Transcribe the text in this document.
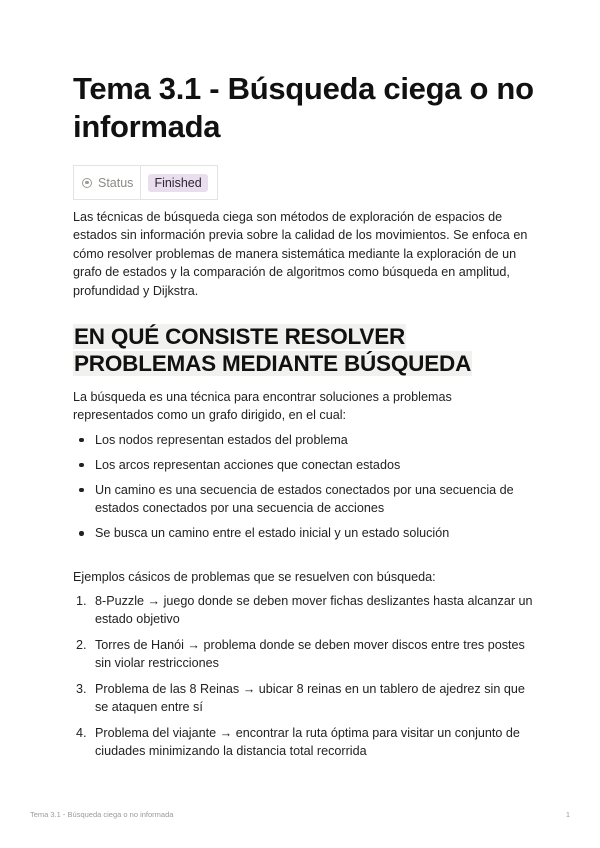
Tema 3.1 - Búsqueda ciega o no informada
Status	Finished

Las técnicas de búsqueda ciega son métodos de exploración de espacios de estados sin información previa sobre la calidad de los movimientos. Se enfoca en cómo resolver problemas de manera sistemática mediante la exploración de un grafo de estados y la comparación de algoritmos como búsqueda en amplitud, profundidad y Dijkstra.

EN QUÉ CONSISTE RESOLVER PROBLEMAS MEDIANTE BÚSQUEDA

La búsqueda es una técnica para encontrar soluciones a problemas representados como un grafo dirigido, en el cual:

Los nodos representan estados del problema
Los arcos representan acciones que conectan estados
Un camino es una secuencia de estados conectados por una secuencia de estados conectados por una secuencia de acciones
Se busca un camino entre el estado inicial y un estado solución

Ejemplos cásicos de problemas que se resuelven con búsqueda:

1. 8-Puzzle → juego donde se deben mover fichas deslizantes hasta alcanzar un estado objetivo
2. Torres de Hanói → problema donde se deben mover discos entre tres postes sin violar restricciones
3. Problema de las 8 Reinas → ubicar 8 reinas en un tablero de ajedrez sin que se ataquen entre sí
4. Problema del viajante → encontrar la ruta óptima para visitar un conjunto de ciudades minimizando la distancia total recorrida
Tema 3.1 - Búsqueda ciega o no informada	1
